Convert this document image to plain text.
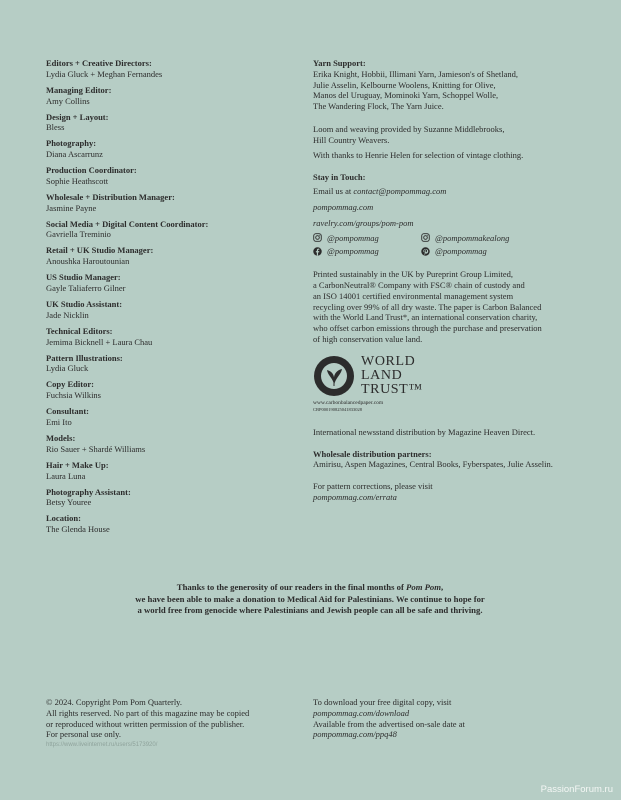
Editors + Creative Directors:
Lydia Gluck + Meghan Fernandes
Managing Editor:
Amy Collins
Design + Layout:
Bless
Photography:
Diana Ascarrunz
Production Coordinator:
Sophie Heathscott
Wholesale + Distribution Manager:
Jasmine Payne
Social Media + Digital Content Coordinator:
Gavriella Treminio
Retail + UK Studio Manager:
Anoushka Haroutounian
US Studio Manager:
Gayle Taliaferro Gilner
UK Studio Assistant:
Jade Nicklin
Technical Editors:
Jemima Bicknell + Laura Chau
Pattern Illustrations:
Lydia Gluck
Copy Editor:
Fuchsia Wilkins
Consultant:
Emi Ito
Models:
Rio Sauer + Shardé Williams
Hair + Make Up:
Laura Luna
Photography Assistant:
Betsy Youree
Location:
The Glenda House
Yarn Support:
Erika Knight, Hobbii, Illimani Yarn, Jamieson's of Shetland,
Julie Asselin, Kelbourne Woolens, Knitting for Olive,
Manos del Uruguay, Mominoki Yarn, Schoppel Wolle,
The Wandering Flock, The Yarn Juice.
Loom and weaving provided by Suzanne Middlebrooks,
Hill Country Weavers.
With thanks to Henrie Helen for selection of vintage clothing.
Stay in Touch:
Email us at contact@pompommag.com
pompommag.com
ravelry.com/groups/pom-pom
@pompommag	@pompommakealong
@pompommag	@pompommag
Printed sustainably in the UK by Pureprint Group Limited,
a CarbonNeutral® Company with FSC® chain of custody and
an ISO 14001 certified environmental management system
recycling over 99% of all dry waste. The paper is Carbon Balanced
with the World Land Trust*, an international conservation charity,
who offset carbon emissions through the purchase and preservation
of high conservation value land.
WORLD
LAND
TRUST™
www.carbonbalancedpaper.com
CBP000190825041833028
International newsstand distribution by Magazine Heaven Direct.
Wholesale distribution partners:
Amirisu, Aspen Magazines, Central Books, Fyberspates, Julie Asselin.
For pattern corrections, please visit
pompommag.com/errata
Thanks to the generosity of our readers in the final months of Pom Pom,
we have been able to make a donation to Medical Aid for Palestinians. We continue to hope for
a world free from genocide where Palestinians and Jewish people can all be safe and thriving.
© 2024. Copyright Pom Pom Quarterly.
All rights reserved. No part of this magazine may be copied
or reproduced without written permission of the publisher.
For personal use only.
https://www.liveinternet.ru/users/5173920/
To download your free digital copy, visit
pompommag.com/download
Available from the advertised on-sale date at
pompommag.com/ppq48
PassionForum.ru
